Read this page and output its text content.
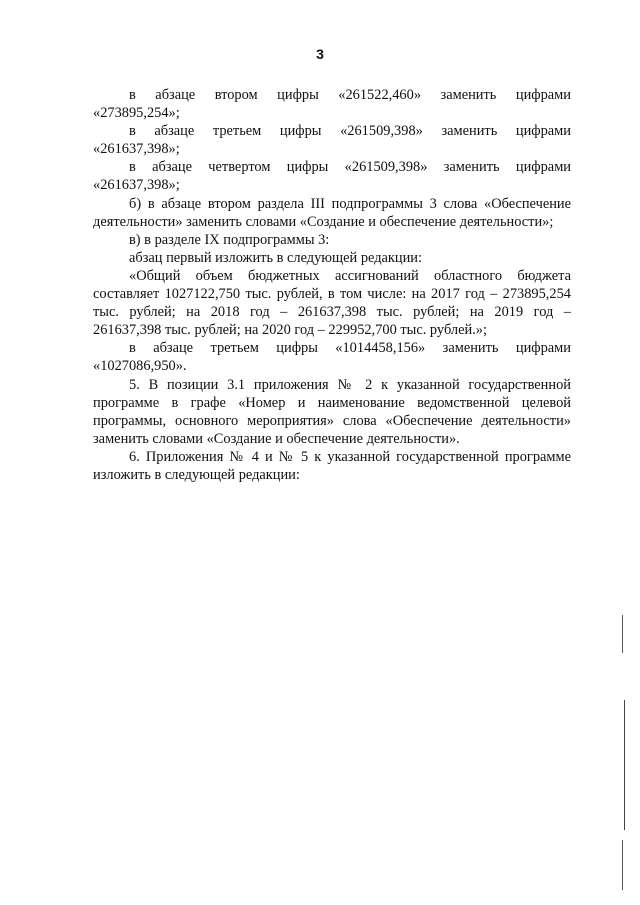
3
в абзаце втором цифры «261522,460» заменить цифрами
«273895,254»;
в абзаце третьем цифры «261509,398» заменить цифрами
«261637,398»;
в абзаце четвертом цифры «261509,398» заменить цифрами
«261637,398»;
б) в абзаце втором раздела III подпрограммы 3 слова «Обеспечение
деятельности» заменить словами «Создание и обеспечение деятельности»;
в) в разделе IX подпрограммы 3:
абзац первый изложить в следующей редакции:
«Общий объем бюджетных ассигнований областного бюджета
составляет 1027122,750 тыс. рублей, в том числе: на 2017 год – 273895,254
тыс. рублей; на 2018 год – 261637,398 тыс. рублей; на 2019 год –
261637,398 тыс. рублей; на 2020 год – 229952,700 тыс. рублей.»;
в абзаце третьем цифры «1014458,156» заменить цифрами
«1027086,950».
5. В позиции 3.1 приложения № 2 к указанной государственной
программе в графе «Номер и наименование ведомственной целевой
программы, основного мероприятия» слова «Обеспечение деятельности»
заменить словами «Создание и обеспечение деятельности».
6. Приложения № 4 и № 5 к указанной государственной программе
изложить в следующей редакции:
